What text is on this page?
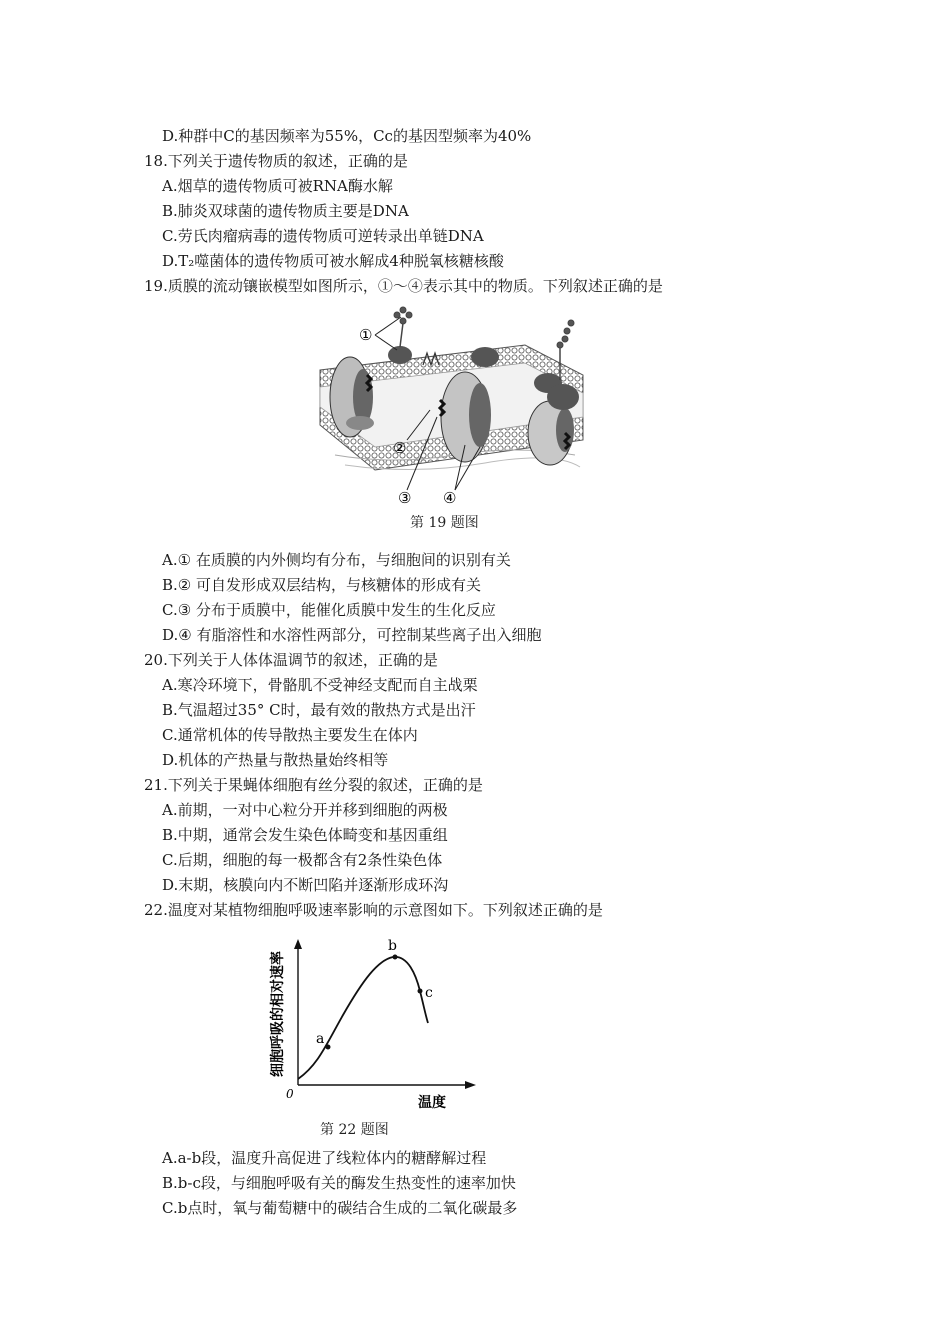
D.种群中C的基因频率为55%，Cc的基因型频率为40%
18.下列关于遗传物质的叙述，正确的是
A.烟草的遗传物质可被RNA酶水解
B.肺炎双球菌的遗传物质主要是DNA
C.劳氏肉瘤病毒的遗传物质可逆转录出单链DNA
D.T₂噬菌体的遗传物质可被水解成4种脱氧核糖核酸
19.质膜的流动镶嵌模型如图所示，①～④表示其中的物质。下列叙述正确的是
①
②
③ ④
第 19 题图
A.① 在质膜的内外侧均有分布，与细胞间的识别有关
B.② 可自发形成双层结构，与核糖体的形成有关
C.③ 分布于质膜中，能催化质膜中发生的生化反应
D.④ 有脂溶性和水溶性两部分，可控制某些离子出入细胞
20.下列关于人体体温调节的叙述，正确的是
A.寒冷环境下，骨骼肌不受神经支配而自主战栗
B.气温超过35° C时，最有效的散热方式是出汗
C.通常机体的传导散热主要发生在体内
D.机体的产热量与散热量始终相等
21.下列关于果蝇体细胞有丝分裂的叙述，正确的是
A.前期，一对中心粒分开并移到细胞的两极
B.中期，通常会发生染色体畸变和基因重组
C.后期，细胞的每一极都含有2条性染色体
D.末期，核膜向内不断凹陷并逐渐形成环沟
22.温度对某植物细胞呼吸速率影响的示意图如下。下列叙述正确的是
a
b
c
0
温度
细胞呼吸的相对速率
第 22 题图
A.a-b段，温度升高促进了线粒体内的糖酵解过程
B.b-c段，与细胞呼吸有关的酶发生热变性的速率加快
C.b点时，氧与葡萄糖中的碳结合生成的二氧化碳最多
